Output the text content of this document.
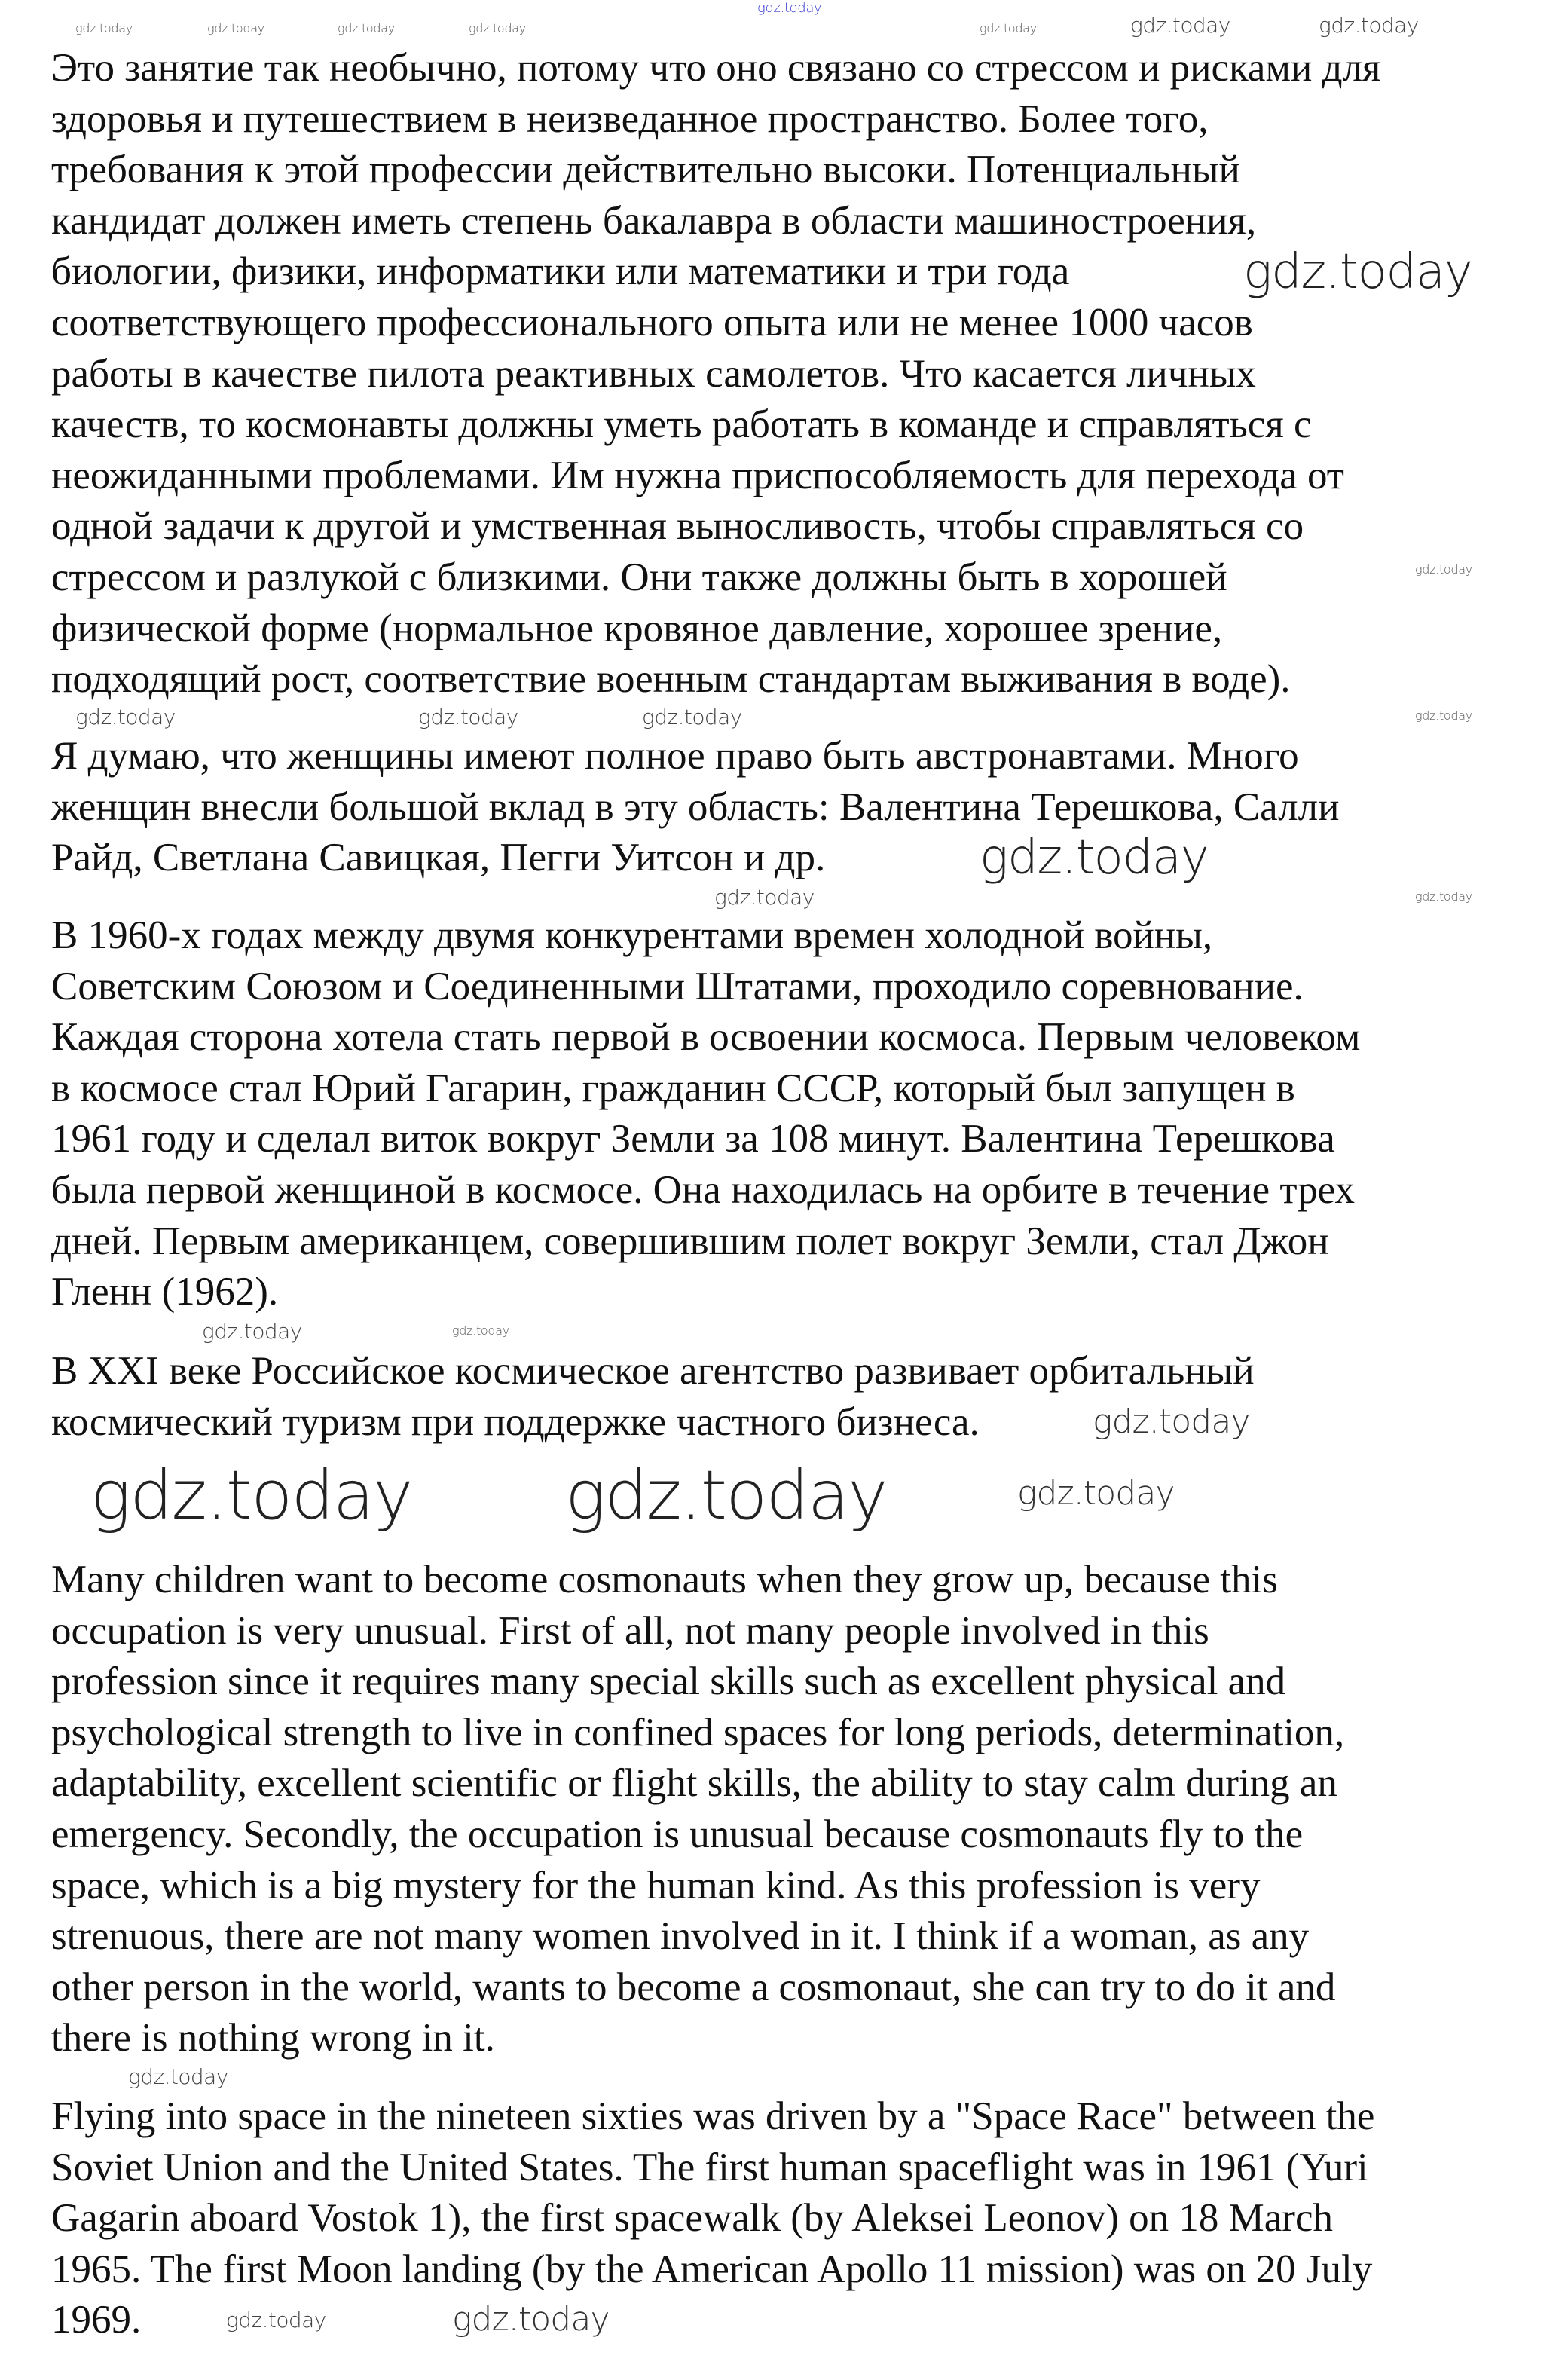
Это занятие так необычно, потому что оно связано со стрессом и рисками для
здоровья и путешествием в неизведанное пространство. Более того,
требования к этой профессии действительно высоки. Потенциальный
кандидат должен иметь степень бакалавра в области машиностроения,
биологии, физики, информатики или математики и три года
соответствующего профессионального опыта или не менее 1000 часов
работы в качестве пилота реактивных самолетов. Что касается личных
качеств, то космонавты должны уметь работать в команде и справляться с
неожиданными проблемами. Им нужна приспособляемость для перехода от
одной задачи к другой и умственная выносливость, чтобы справляться со
стрессом и разлукой с близкими. Они также должны быть в хорошей
физической форме (нормальное кровяное давление, хорошее зрение,
подходящий рост, соответствие военным стандартам выживания в воде).
Я думаю, что женщины имеют полное право быть австронавтами. Много
женщин внесли большой вклад в эту область: Валентина Терешкова, Салли
Райд, Светлана Савицкая, Пегги Уитсон и др.
В 1960-х годах между двумя конкурентами времен холодной войны,
Советским Союзом и Соединенными Штатами, проходило соревнование.
Каждая сторона хотела стать первой в освоении космоса. Первым человеком
в космосе стал Юрий Гагарин, гражданин СССР, который был запущен в
1961 году и сделал виток вокруг Земли за 108 минут. Валентина Терешкова
была первой женщиной в космосе. Она находилась на орбите в течение трех
дней. Первым американцем, совершившим полет вокруг Земли, стал Джон
Гленн (1962).
В XXI веке Российское космическое агентство развивает орбитальный
космический туризм при поддержке частного бизнеса.
Many children want to become cosmonauts when they grow up, because this
occupation is very unusual. First of all, not many people involved in this
profession since it requires many special skills such as excellent physical and
psychological strength to live in confined spaces for long periods, determination,
adaptability, excellent scientific or flight skills, the ability to stay calm during an
emergency. Secondly, the occupation is unusual because cosmonauts fly to the
space, which is a big mystery for the human kind. As this profession is very
strenuous, there are not many women involved in it. I think if a woman, as any
other person in the world, wants to become a cosmonaut, she can try to do it and
there is nothing wrong in it.
Flying into space in the nineteen sixties was driven by a "Space Race" between the
Soviet Union and the United States. The first human spaceflight was in 1961 (Yuri
Gagarin aboard Vostok 1), the first spacewalk (by Aleksei Leonov) on 18 March
1965. The first Moon landing (by the American Apollo 11 mission) was on 20 July
1969.
gdz.today
gdz.today	gdz.today	gdz.today	gdz.today	gdz.today	gdz.today	gdz.today
gdz.today
gdz.today
gdz.today	gdz.today	gdz.today	gdz.today
gdz.today
gdz.today	gdz.today
gdz.today	gdz.today
gdz.today
gdz.today gdz.today	gdz.today
gdz.today
gdz.today	gdz.today
